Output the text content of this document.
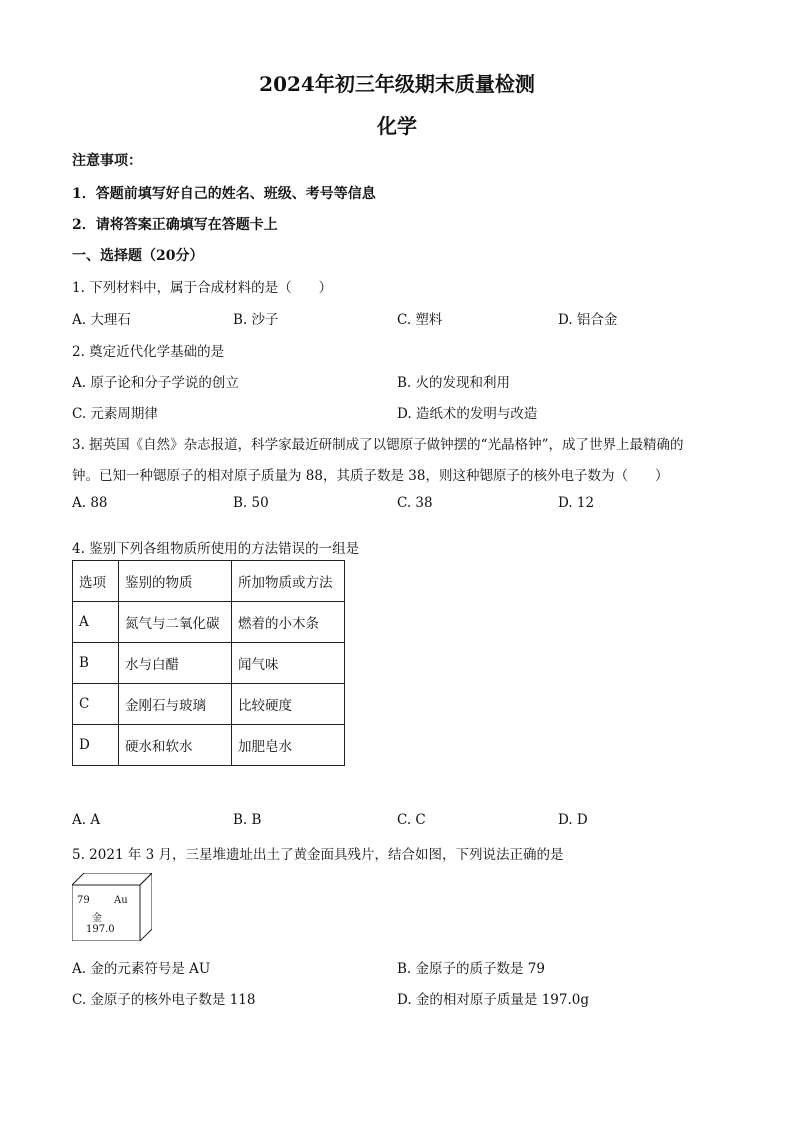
2024年初三年级期末质量检测
化学
注意事项：
1．答题前填写好自己的姓名、班级、考号等信息
2．请将答案正确填写在答题卡上
一、选择题（20分）
1. 下列材料中，属于合成材料的是（　　）
A. 大理石	B. 沙子	C. 塑料	D. 铝合金
2. 奠定近代化学基础的是
A. 原子论和分子学说的创立	B. 火的发现和利用
C. 元素周期律	D. 造纸术的发明与改造
3. 据英国《自然》杂志报道，科学家最近研制成了以锶原子做钟摆的“光晶格钟”，成了世界上最精确的
钟。已知一种锶原子的相对原子质量为 88，其质子数是 38，则这种锶原子的核外电子数为（　　）
A. 88	B. 50	C. 38	D. 12
4. 鉴别下列各组物质所使用的方法错误的一组是
选项	鉴别的物质	所加物质或方法
A	氮气与二氧化碳	燃着的小木条
B	水与白醋	闻气味
C	金刚石与玻璃	比较硬度
D	硬水和软水	加肥皂水
A. A	B. B	C. C	D. D
5. 2021 年 3 月，三星堆遗址出土了黄金面具残片，结合如图，下列说法正确的是
79 Au
金
197.0
A. 金的元素符号是 AU	B. 金原子的质子数是 79
C. 金原子的核外电子数是 118	D. 金的相对原子质量是 197.0g
